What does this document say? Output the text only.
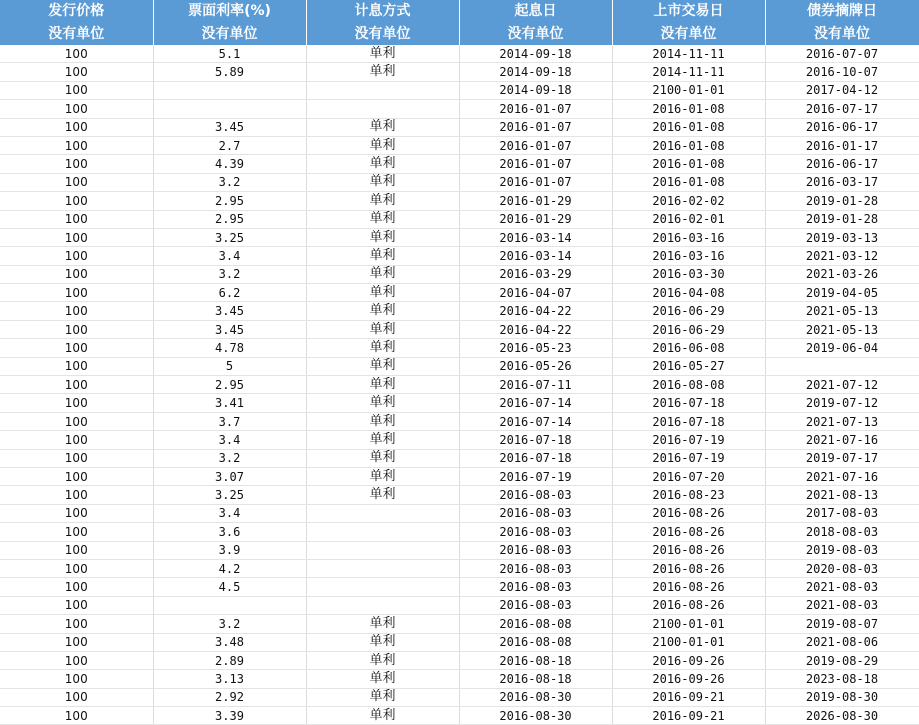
发行价格	票面利率(%)	计息方式	起息日	上市交易日	债券摘牌日
没有单位	没有单位	没有单位	没有单位	没有单位	没有单位
100	5.1	单利	2014-09-18	2014-11-11	2016-07-07
100	5.89	单利	2014-09-18	2014-11-11	2016-10-07
100			2014-09-18	2100-01-01	2017-04-12
100			2016-01-07	2016-01-08	2016-07-17
100	3.45	单利	2016-01-07	2016-01-08	2016-06-17
100	2.7	单利	2016-01-07	2016-01-08	2016-01-17
100	4.39	单利	2016-01-07	2016-01-08	2016-06-17
100	3.2	单利	2016-01-07	2016-01-08	2016-03-17
100	2.95	单利	2016-01-29	2016-02-02	2019-01-28
100	2.95	单利	2016-01-29	2016-02-01	2019-01-28
100	3.25	单利	2016-03-14	2016-03-16	2019-03-13
100	3.4	单利	2016-03-14	2016-03-16	2021-03-12
100	3.2	单利	2016-03-29	2016-03-30	2021-03-26
100	6.2	单利	2016-04-07	2016-04-08	2019-04-05
100	3.45	单利	2016-04-22	2016-06-29	2021-05-13
100	3.45	单利	2016-04-22	2016-06-29	2021-05-13
100	4.78	单利	2016-05-23	2016-06-08	2019-06-04
100	5	单利	2016-05-26	2016-05-27	
100	2.95	单利	2016-07-11	2016-08-08	2021-07-12
100	3.41	单利	2016-07-14	2016-07-18	2019-07-12
100	3.7	单利	2016-07-14	2016-07-18	2021-07-13
100	3.4	单利	2016-07-18	2016-07-19	2021-07-16
100	3.2	单利	2016-07-18	2016-07-19	2019-07-17
100	3.07	单利	2016-07-19	2016-07-20	2021-07-16
100	3.25	单利	2016-08-03	2016-08-23	2021-08-13
100	3.4		2016-08-03	2016-08-26	2017-08-03
100	3.6		2016-08-03	2016-08-26	2018-08-03
100	3.9		2016-08-03	2016-08-26	2019-08-03
100	4.2		2016-08-03	2016-08-26	2020-08-03
100	4.5		2016-08-03	2016-08-26	2021-08-03
100			2016-08-03	2016-08-26	2021-08-03
100	3.2	单利	2016-08-08	2100-01-01	2019-08-07
100	3.48	单利	2016-08-08	2100-01-01	2021-08-06
100	2.89	单利	2016-08-18	2016-09-26	2019-08-29
100	3.13	单利	2016-08-18	2016-09-26	2023-08-18
100	2.92	单利	2016-08-30	2016-09-21	2019-08-30
100	3.39	单利	2016-08-30	2016-09-21	2026-08-30
